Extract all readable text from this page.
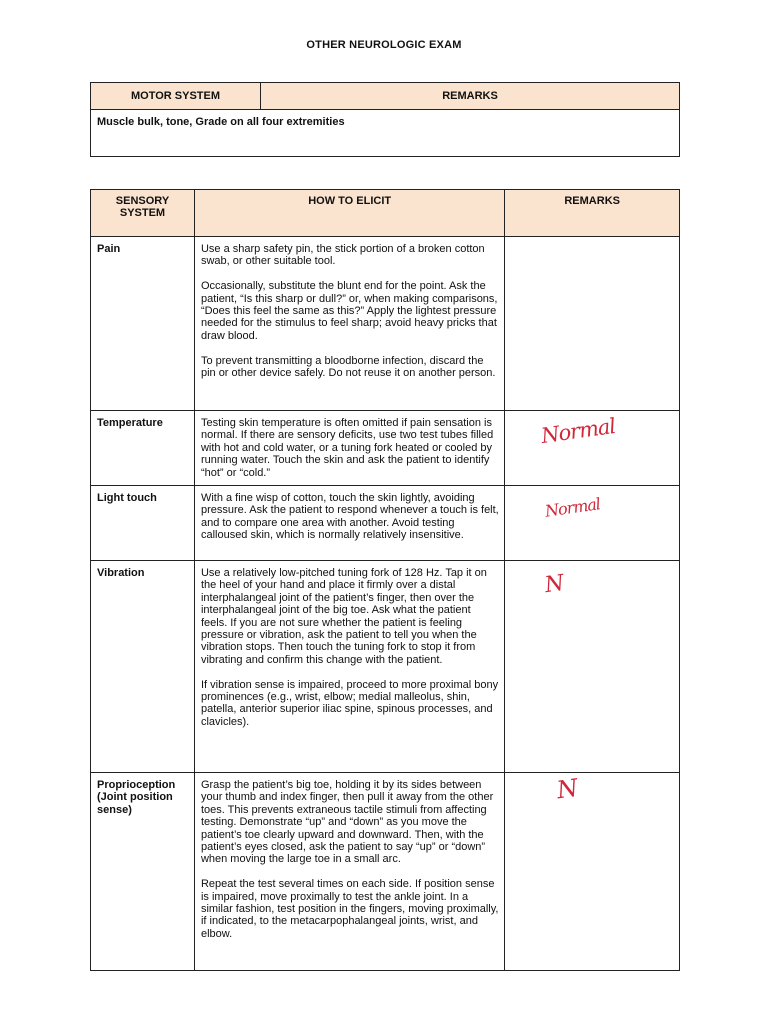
OTHER NEUROLOGIC EXAM
MOTOR SYSTEM	REMARKS
Muscle bulk, tone, Grade on all four extremities
SENSORY SYSTEM	HOW TO ELICIT	REMARKS
Pain	Use a sharp safety pin, the stick portion of a broken cotton swab, or other suitable tool.

Occasionally, substitute the blunt end for the point. Ask the patient, “Is this sharp or dull?” or, when making comparisons, “Does this feel the same as this?” Apply the lightest pressure needed for the stimulus to feel sharp; avoid heavy pricks that draw blood.

To prevent transmitting a bloodborne infection, discard the pin or other device safely. Do not reuse it on another person.	

Temperature	Testing skin temperature is often omitted if pain sensation is normal. If there are sensory deficits, use two test tubes filled with hot and cold water, or a tuning fork heated or cooled by running water. Touch the skin and ask the patient to identify “hot” or “cold.”	Normal

Light touch	With a fine wisp of cotton, touch the skin lightly, avoiding pressure. Ask the patient to respond whenever a touch is felt, and to compare one area with another. Avoid testing calloused skin, which is normally relatively insensitive.	Normal

Vibration	Use a relatively low-pitched tuning fork of 128 Hz. Tap it on the heel of your hand and place it firmly over a distal interphalangeal joint of the patient’s finger, then over the interphalangeal joint of the big toe. Ask what the patient feels. If you are not sure whether the patient is feeling pressure or vibration, ask the patient to tell you when the vibration stops. Then touch the tuning fork to stop it from vibrating and confirm this change with the patient.

If vibration sense is impaired, proceed to more proximal bony prominences (e.g., wrist, elbow; medial malleolus, shin, patella, anterior superior iliac spine, spinous processes, and clavicles).	N

Proprioception (Joint position sense)	Grasp the patient’s big toe, holding it by its sides between your thumb and index finger, then pull it away from the other toes. This prevents extraneous tactile stimuli from affecting testing. Demonstrate “up” and “down” as you move the patient’s toe clearly upward and downward. Then, with the patient’s eyes closed, ask the patient to say “up” or “down” when moving the large toe in a small arc.

Repeat the test several times on each side. If position sense is impaired, move proximally to test the ankle joint. In a similar fashion, test position in the fingers, moving proximally, if indicated, to the metacarpophalangeal joints, wrist, and elbow.	N
